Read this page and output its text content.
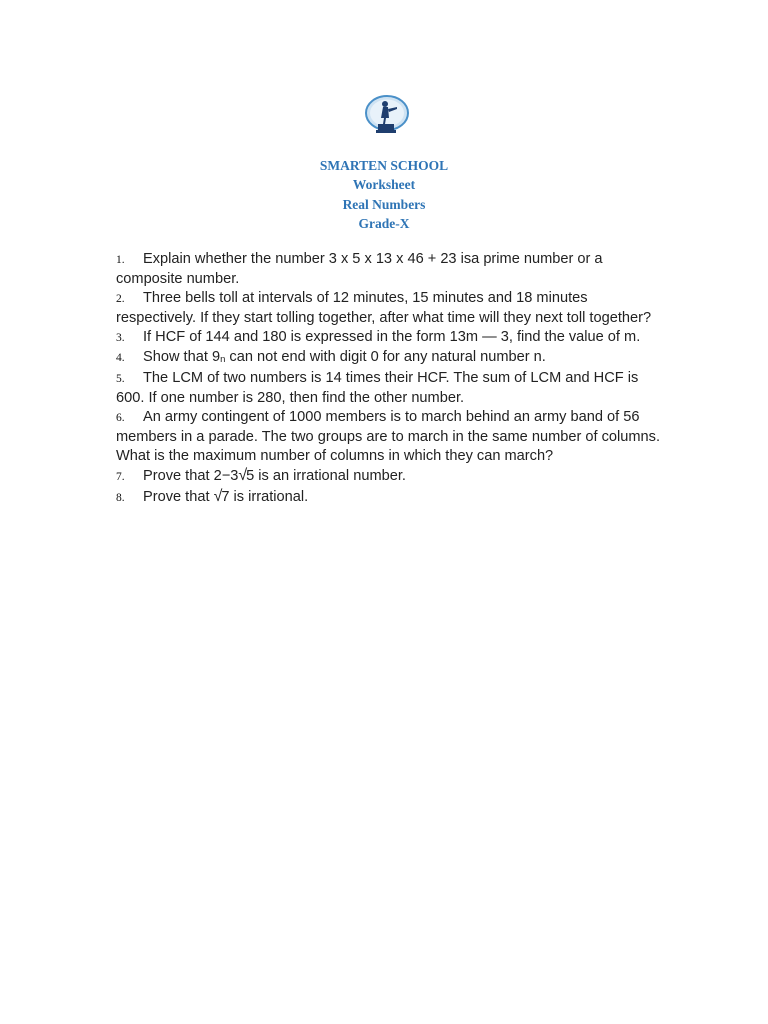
SMARTEN SCHOOL
Worksheet
Real Numbers
Grade-X
1. Explain whether the number 3 x 5 x 13 x 46 + 23 isa prime number or a composite number.
2. Three bells toll at intervals of 12 minutes, 15 minutes and 18 minutes respectively. If they start tolling together, after what time will they next toll together?
3. If HCF of 144 and 180 is expressed in the form 13m — 3, find the value of m.
4. Show that 9n can not end with digit 0 for any natural number n.
5. The LCM of two numbers is 14 times their HCF. The sum of LCM and HCF is 600. If one number is 280, then find the other number.
6. An army contingent of 1000 members is to march behind an army band of 56 members in a parade. The two groups are to march in the same number of columns. What is the maximum number of columns in which they can march?
7. Prove that 2−3√5 is an irrational number.
8. Prove that √7 is irrational.
